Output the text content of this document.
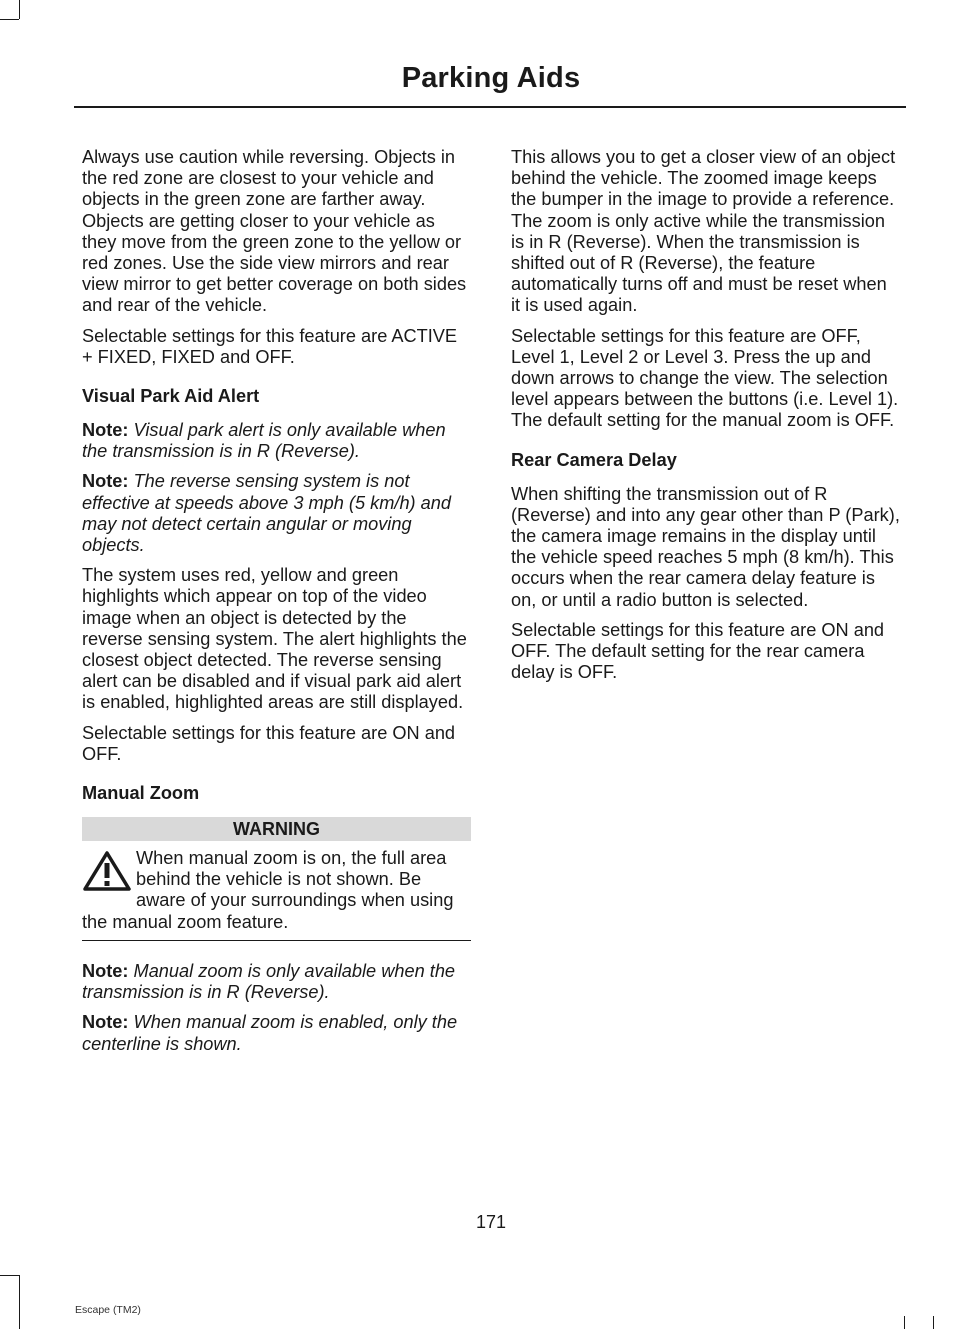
Parking Aids

Always use caution while reversing. Objects in the red zone are closest to your vehicle and objects in the green zone are farther away. Objects are getting closer to your vehicle as they move from the green zone to the yellow or red zones. Use the side view mirrors and rear view mirror to get better coverage on both sides and rear of the vehicle.

Selectable settings for this feature are ACTIVE + FIXED, FIXED and OFF.

Visual Park Aid Alert

Note: Visual park alert is only available when the transmission is in R (Reverse).

Note: The reverse sensing system is not effective at speeds above 3 mph (5 km/h) and may not detect certain angular or moving objects.

The system uses red, yellow and green highlights which appear on top of the video image when an object is detected by the reverse sensing system. The alert highlights the closest object detected. The reverse sensing alert can be disabled and if visual park aid alert is enabled, highlighted areas are still displayed.

Selectable settings for this feature are ON and OFF.

Manual Zoom
WARNING
When manual zoom is on, the full area behind the vehicle is not shown. Be aware of your surroundings when using the manual zoom feature.

Note: Manual zoom is only available when the transmission is in R (Reverse).

Note: When manual zoom is enabled, only the centerline is shown.

This allows you to get a closer view of an object behind the vehicle. The zoomed image keeps the bumper in the image to provide a reference. The zoom is only active while the transmission is in R (Reverse). When the transmission is shifted out of R (Reverse), the feature automatically turns off and must be reset when it is used again.

Selectable settings for this feature are OFF, Level 1, Level 2 or Level 3. Press the up and down arrows to change the view. The selection level appears between the buttons (i.e. Level 1). The default setting for the manual zoom is OFF.

Rear Camera Delay

When shifting the transmission out of R (Reverse) and into any gear other than P (Park), the camera image remains in the display until the vehicle speed reaches 5 mph (8 km/h). This occurs when the rear camera delay feature is on, or until a radio button is selected.

Selectable settings for this feature are ON and OFF. The default setting for the rear camera delay is OFF.

171
Escape (TM2)
